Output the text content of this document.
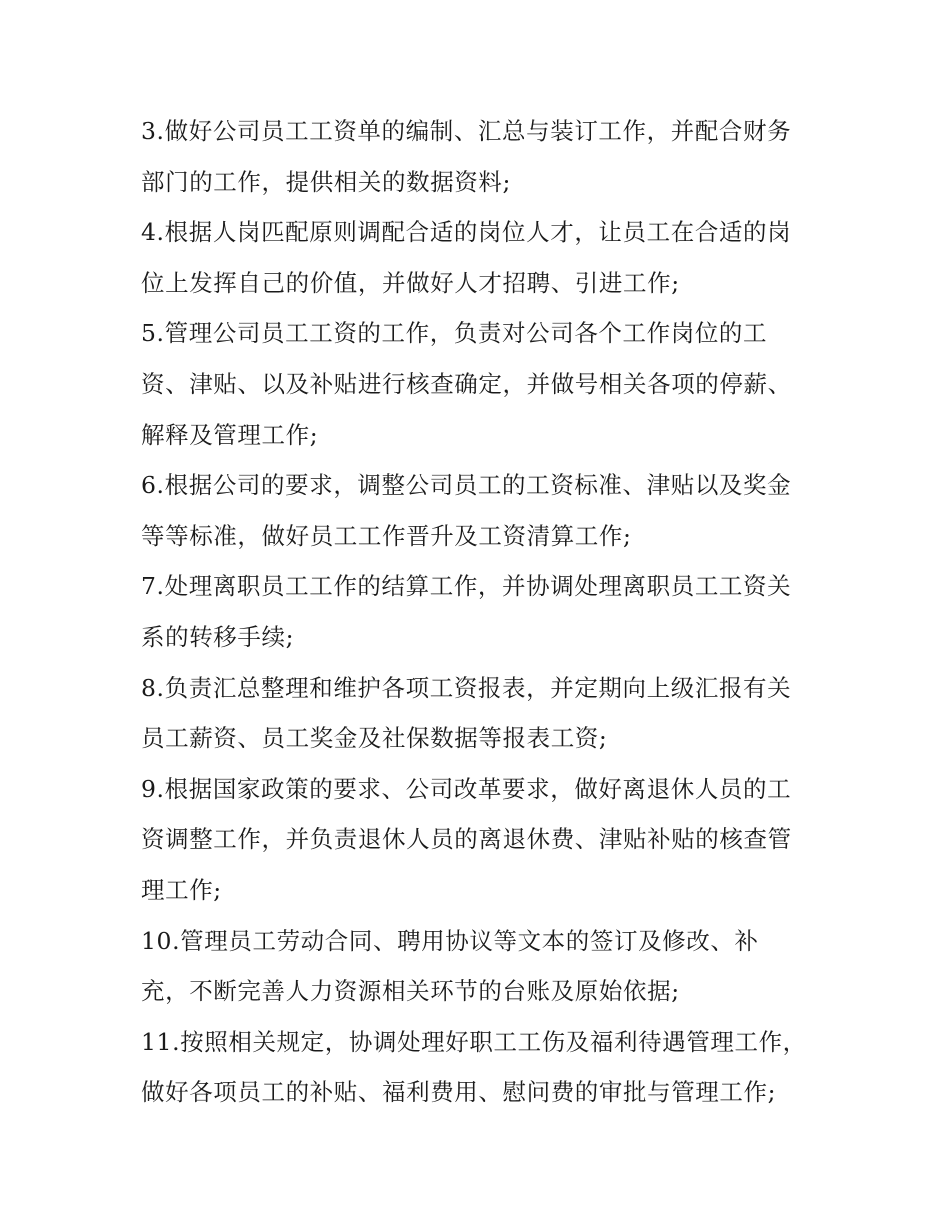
3.做好公司员工工资单的编制、汇总与装订工作，并配合财务
部门的工作，提供相关的数据资料;
4.根据人岗匹配原则调配合适的岗位人才，让员工在合适的岗
位上发挥自己的价值，并做好人才招聘、引进工作;
5.管理公司员工工资的工作，负责对公司各个工作岗位的工
资、津贴、以及补贴进行核查确定，并做号相关各项的停薪、
解释及管理工作;
6.根据公司的要求，调整公司员工的工资标准、津贴以及奖金
等等标准，做好员工工作晋升及工资清算工作;
7.处理离职员工工作的结算工作，并协调处理离职员工工资关
系的转移手续;
8.负责汇总整理和维护各项工资报表，并定期向上级汇报有关
员工薪资、员工奖金及社保数据等报表工资;
9.根据国家政策的要求、公司改革要求，做好离退休人员的工
资调整工作，并负责退休人员的离退休费、津贴补贴的核查管
理工作;
10.管理员工劳动合同、聘用协议等文本的签订及修改、补
充，不断完善人力资源相关环节的台账及原始依据;
11.按照相关规定，协调处理好职工工伤及福利待遇管理工作，
做好各项员工的补贴、福利费用、慰问费的审批与管理工作;
